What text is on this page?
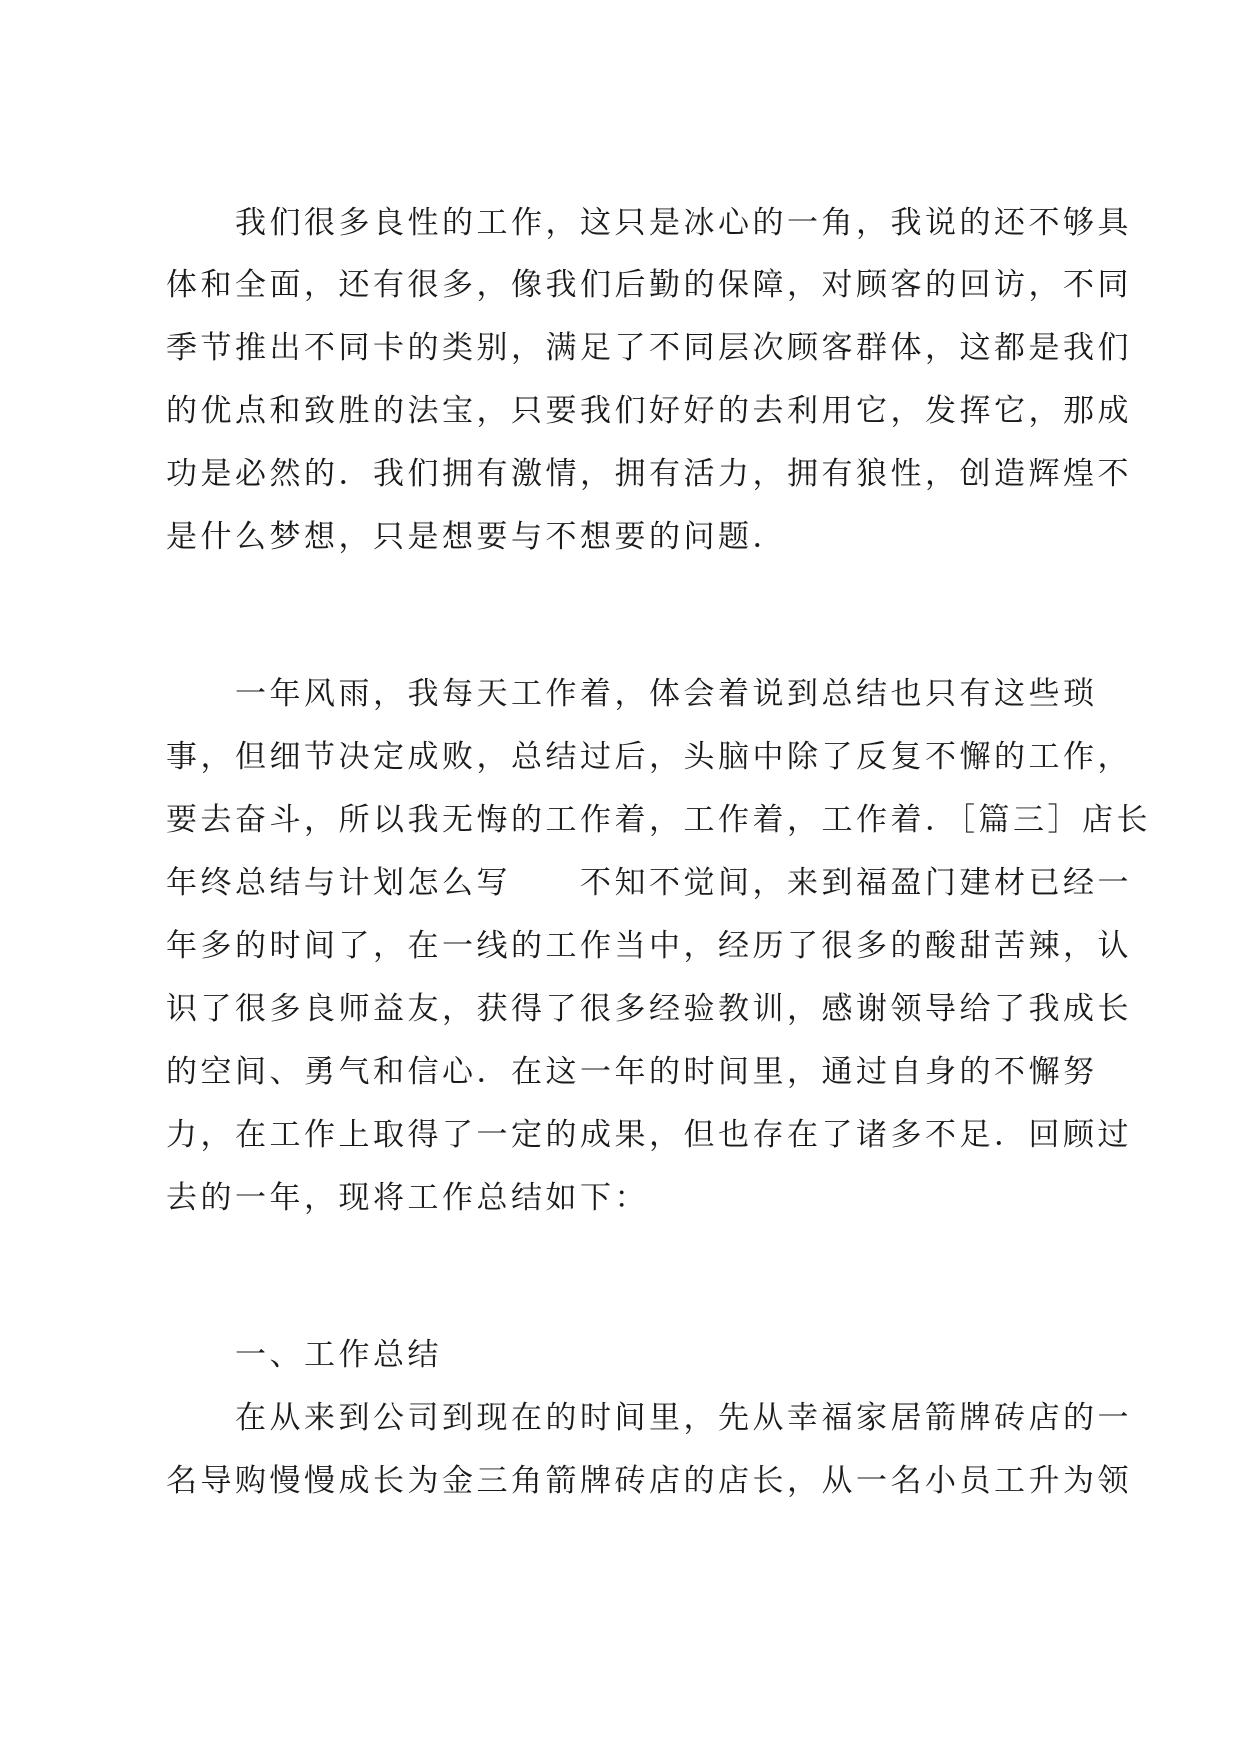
　　我们很多良性的工作，这只是冰心的一角，我说的还不够具

体和全面，还有很多，像我们后勤的保障，对顾客的回访，不同

季节推出不同卡的类别，满足了不同层次顾客群体，这都是我们

的优点和致胜的法宝，只要我们好好的去利用它，发挥它，那成

功是必然的．我们拥有激情，拥有活力，拥有狼性，创造辉煌不

是什么梦想，只是想要与不想要的问题．

　　一年风雨，我每天工作着，体会着说到总结也只有这些琐

事，但细节决定成败，总结过后，头脑中除了反复不懈的工作，

要去奋斗，所以我无悔的工作着，工作着，工作着．［篇三］店长

年终总结与计划怎么写　　不知不觉间，来到福盈门建材已经一

年多的时间了，在一线的工作当中，经历了很多的酸甜苦辣，认

识了很多良师益友，获得了很多经验教训，感谢领导给了我成长

的空间、勇气和信心．在这一年的时间里，通过自身的不懈努

力，在工作上取得了一定的成果，但也存在了诸多不足．回顾过

去的一年，现将工作总结如下：

　　一、工作总结

　　在从来到公司到现在的时间里，先从幸福家居箭牌砖店的一

名导购慢慢成长为金三角箭牌砖店的店长，从一名小员工升为领
